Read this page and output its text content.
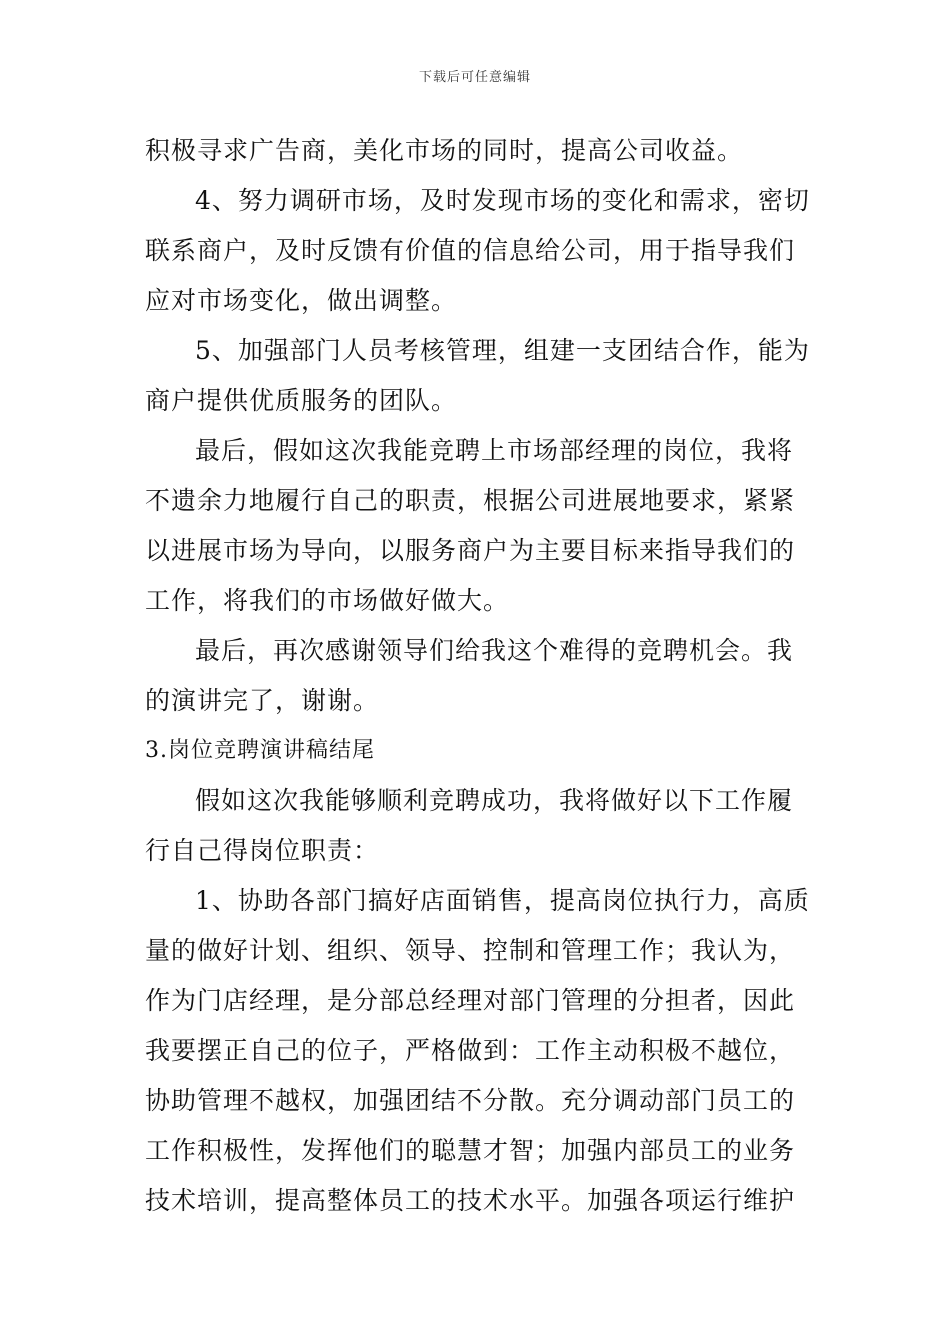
下载后可任意编辑
积极寻求广告商，美化市场的同时，提高公司收益。
4、努力调研市场，及时发现市场的变化和需求，密切
联系商户，及时反馈有价值的信息给公司，用于指导我们
应对市场变化，做出调整。
5、加强部门人员考核管理，组建一支团结合作，能为
商户提供优质服务的团队。
最后，假如这次我能竞聘上市场部经理的岗位，我将
不遗余力地履行自己的职责，根据公司进展地要求，紧紧
以进展市场为导向，以服务商户为主要目标来指导我们的
工作，将我们的市场做好做大。
最后，再次感谢领导们给我这个难得的竞聘机会。我
的演讲完了，谢谢。
3.岗位竞聘演讲稿结尾
假如这次我能够顺利竞聘成功，我将做好以下工作履
行自己得岗位职责：
1、协助各部门搞好店面销售，提高岗位执行力，高质
量的做好计划、组织、领导、控制和管理工作；我认为，
作为门店经理，是分部总经理对部门管理的分担者，因此
我要摆正自己的位子，严格做到：工作主动积极不越位，
协助管理不越权，加强团结不分散。充分调动部门员工的
工作积极性，发挥他们的聪慧才智；加强内部员工的业务
技术培训，提高整体员工的技术水平。加强各项运行维护
